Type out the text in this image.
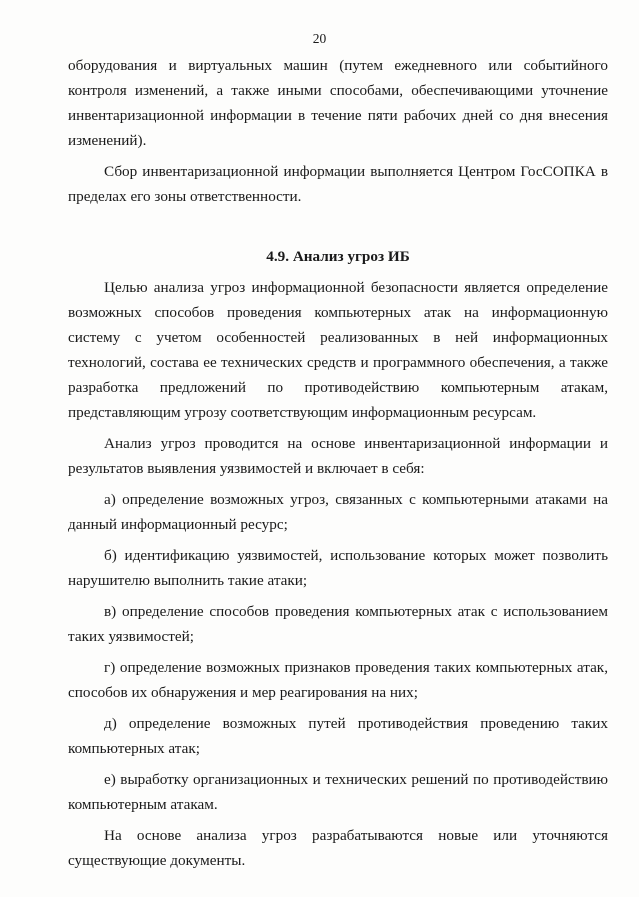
20

оборудования и виртуальных машин (путем ежедневного или событийного контроля изменений, а также иными способами, обеспечивающими уточнение инвентаризационной информации в течение пяти рабочих дней со дня внесения изменений).

Сбор инвентаризационной информации выполняется Центром ГосСОПКА в пределах его зоны ответственности.

4.9. Анализ угроз ИБ

Целью анализа угроз информационной безопасности является определение возможных способов проведения компьютерных атак на информационную систему с учетом особенностей реализованных в ней информационных технологий, состава ее технических средств и программного обеспечения, а также разработка предложений по противодействию компьютерным атакам, представляющим угрозу соответствующим информационным ресурсам.

Анализ угроз проводится на основе инвентаризационной информации и результатов выявления уязвимостей и включает в себя:

а) определение возможных угроз, связанных с компьютерными атаками на данный информационный ресурс;

б) идентификацию уязвимостей, использование которых может позволить нарушителю выполнить такие атаки;

в) определение способов проведения компьютерных атак с использованием таких уязвимостей;

г) определение возможных признаков проведения таких компьютерных атак, способов их обнаружения и мер реагирования на них;

д) определение возможных путей противодействия проведению таких компьютерных атак;

е) выработку организационных и технических решений по противодействию компьютерным атакам.

На основе анализа угроз разрабатываются новые или уточняются существующие документы.
